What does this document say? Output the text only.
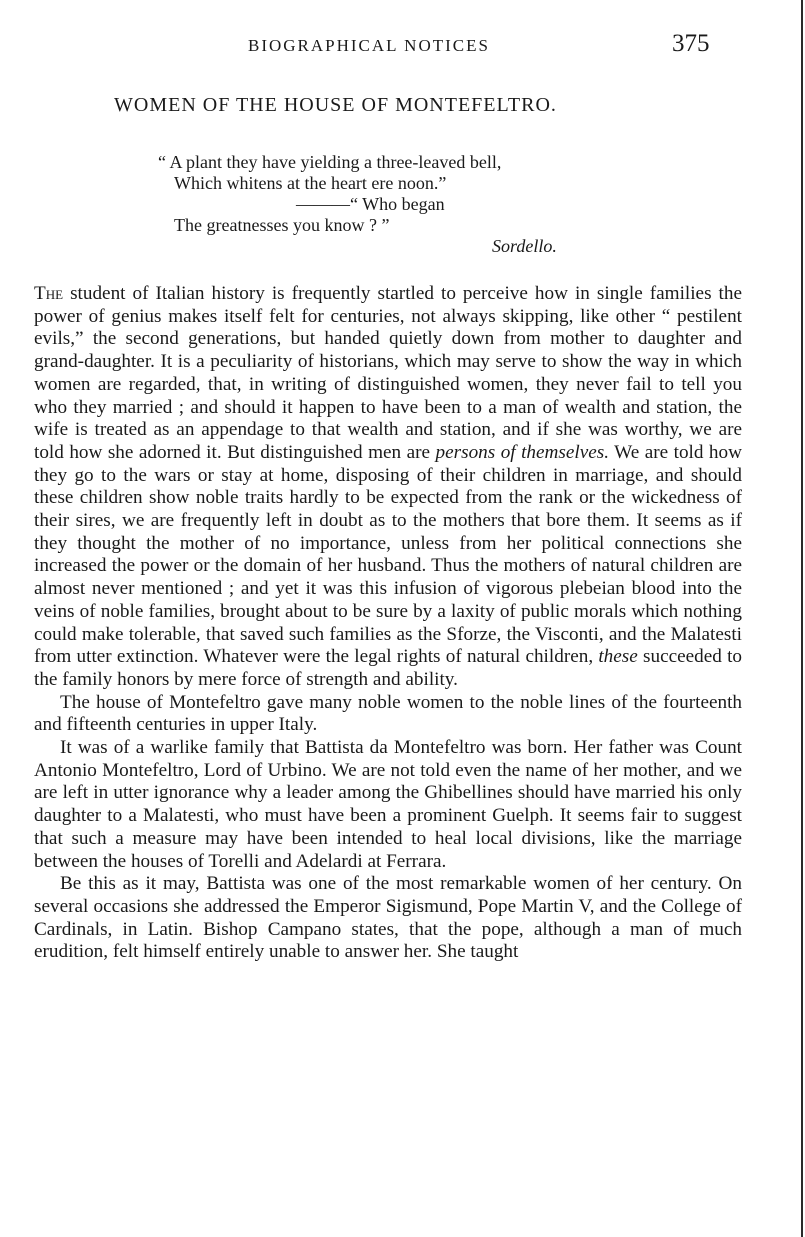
BIOGRAPHICAL NOTICES	375
WOMEN OF THE HOUSE OF MONTEFELTRO.
“ A plant they have yielding a three-leaved bell,
Which whitens at the heart ere noon.”
———“ Who began
The greatnesses you know ? ”
Sordello.

The student of Italian history is frequently startled to perceive how in single families the power of genius makes itself felt for centuries, not always skipping, like other “ pestilent evils,” the second generations, but handed quietly down from mother to daughter and grand-daughter. It is a peculiarity of historians, which may serve to show the way in which women are regarded, that, in writing of distinguished women, they never fail to tell you who they married ; and should it happen to have been to a man of wealth and station, the wife is treated as an appendage to that wealth and station, and if she was worthy, we are told how she adorned it. But distinguished men are persons of themselves. We are told how they go to the wars or stay at home, disposing of their children in marriage, and should these children show noble traits hardly to be expected from the rank or the wickedness of their sires, we are frequently left in doubt as to the mothers that bore them. It seems as if they thought the mother of no importance, unless from her political connections she increased the power or the domain of her husband. Thus the mothers of natural children are almost never mentioned ; and yet it was this infusion of vigorous plebeian blood into the veins of noble families, brought about to be sure by a laxity of public morals which nothing could make tolerable, that saved such families as the Sforze, the Visconti, and the Malatesti from utter extinction. Whatever were the legal rights of natural children, these succeeded to the family honors by mere force of strength and ability.

The house of Montefeltro gave many noble women to the noble lines of the fourteenth and fifteenth centuries in upper Italy.

It was of a warlike family that Battista da Montefeltro was born. Her father was Count Antonio Montefeltro, Lord of Urbino. We are not told even the name of her mother, and we are left in utter ignorance why a leader among the Ghibellines should have married his only daughter to a Malatesti, who must have been a prominent Guelph. It seems fair to suggest that such a measure may have been intended to heal local divisions, like the marriage between the houses of Torelli and Adelardi at Ferrara.

Be this as it may, Battista was one of the most remarkable women of her century. On several occasions she addressed the Emperor Sigismund, Pope Martin V, and the College of Cardinals, in Latin. Bishop Campano states, that the pope, although a man of much erudition, felt himself entirely unable to answer her. She taught
